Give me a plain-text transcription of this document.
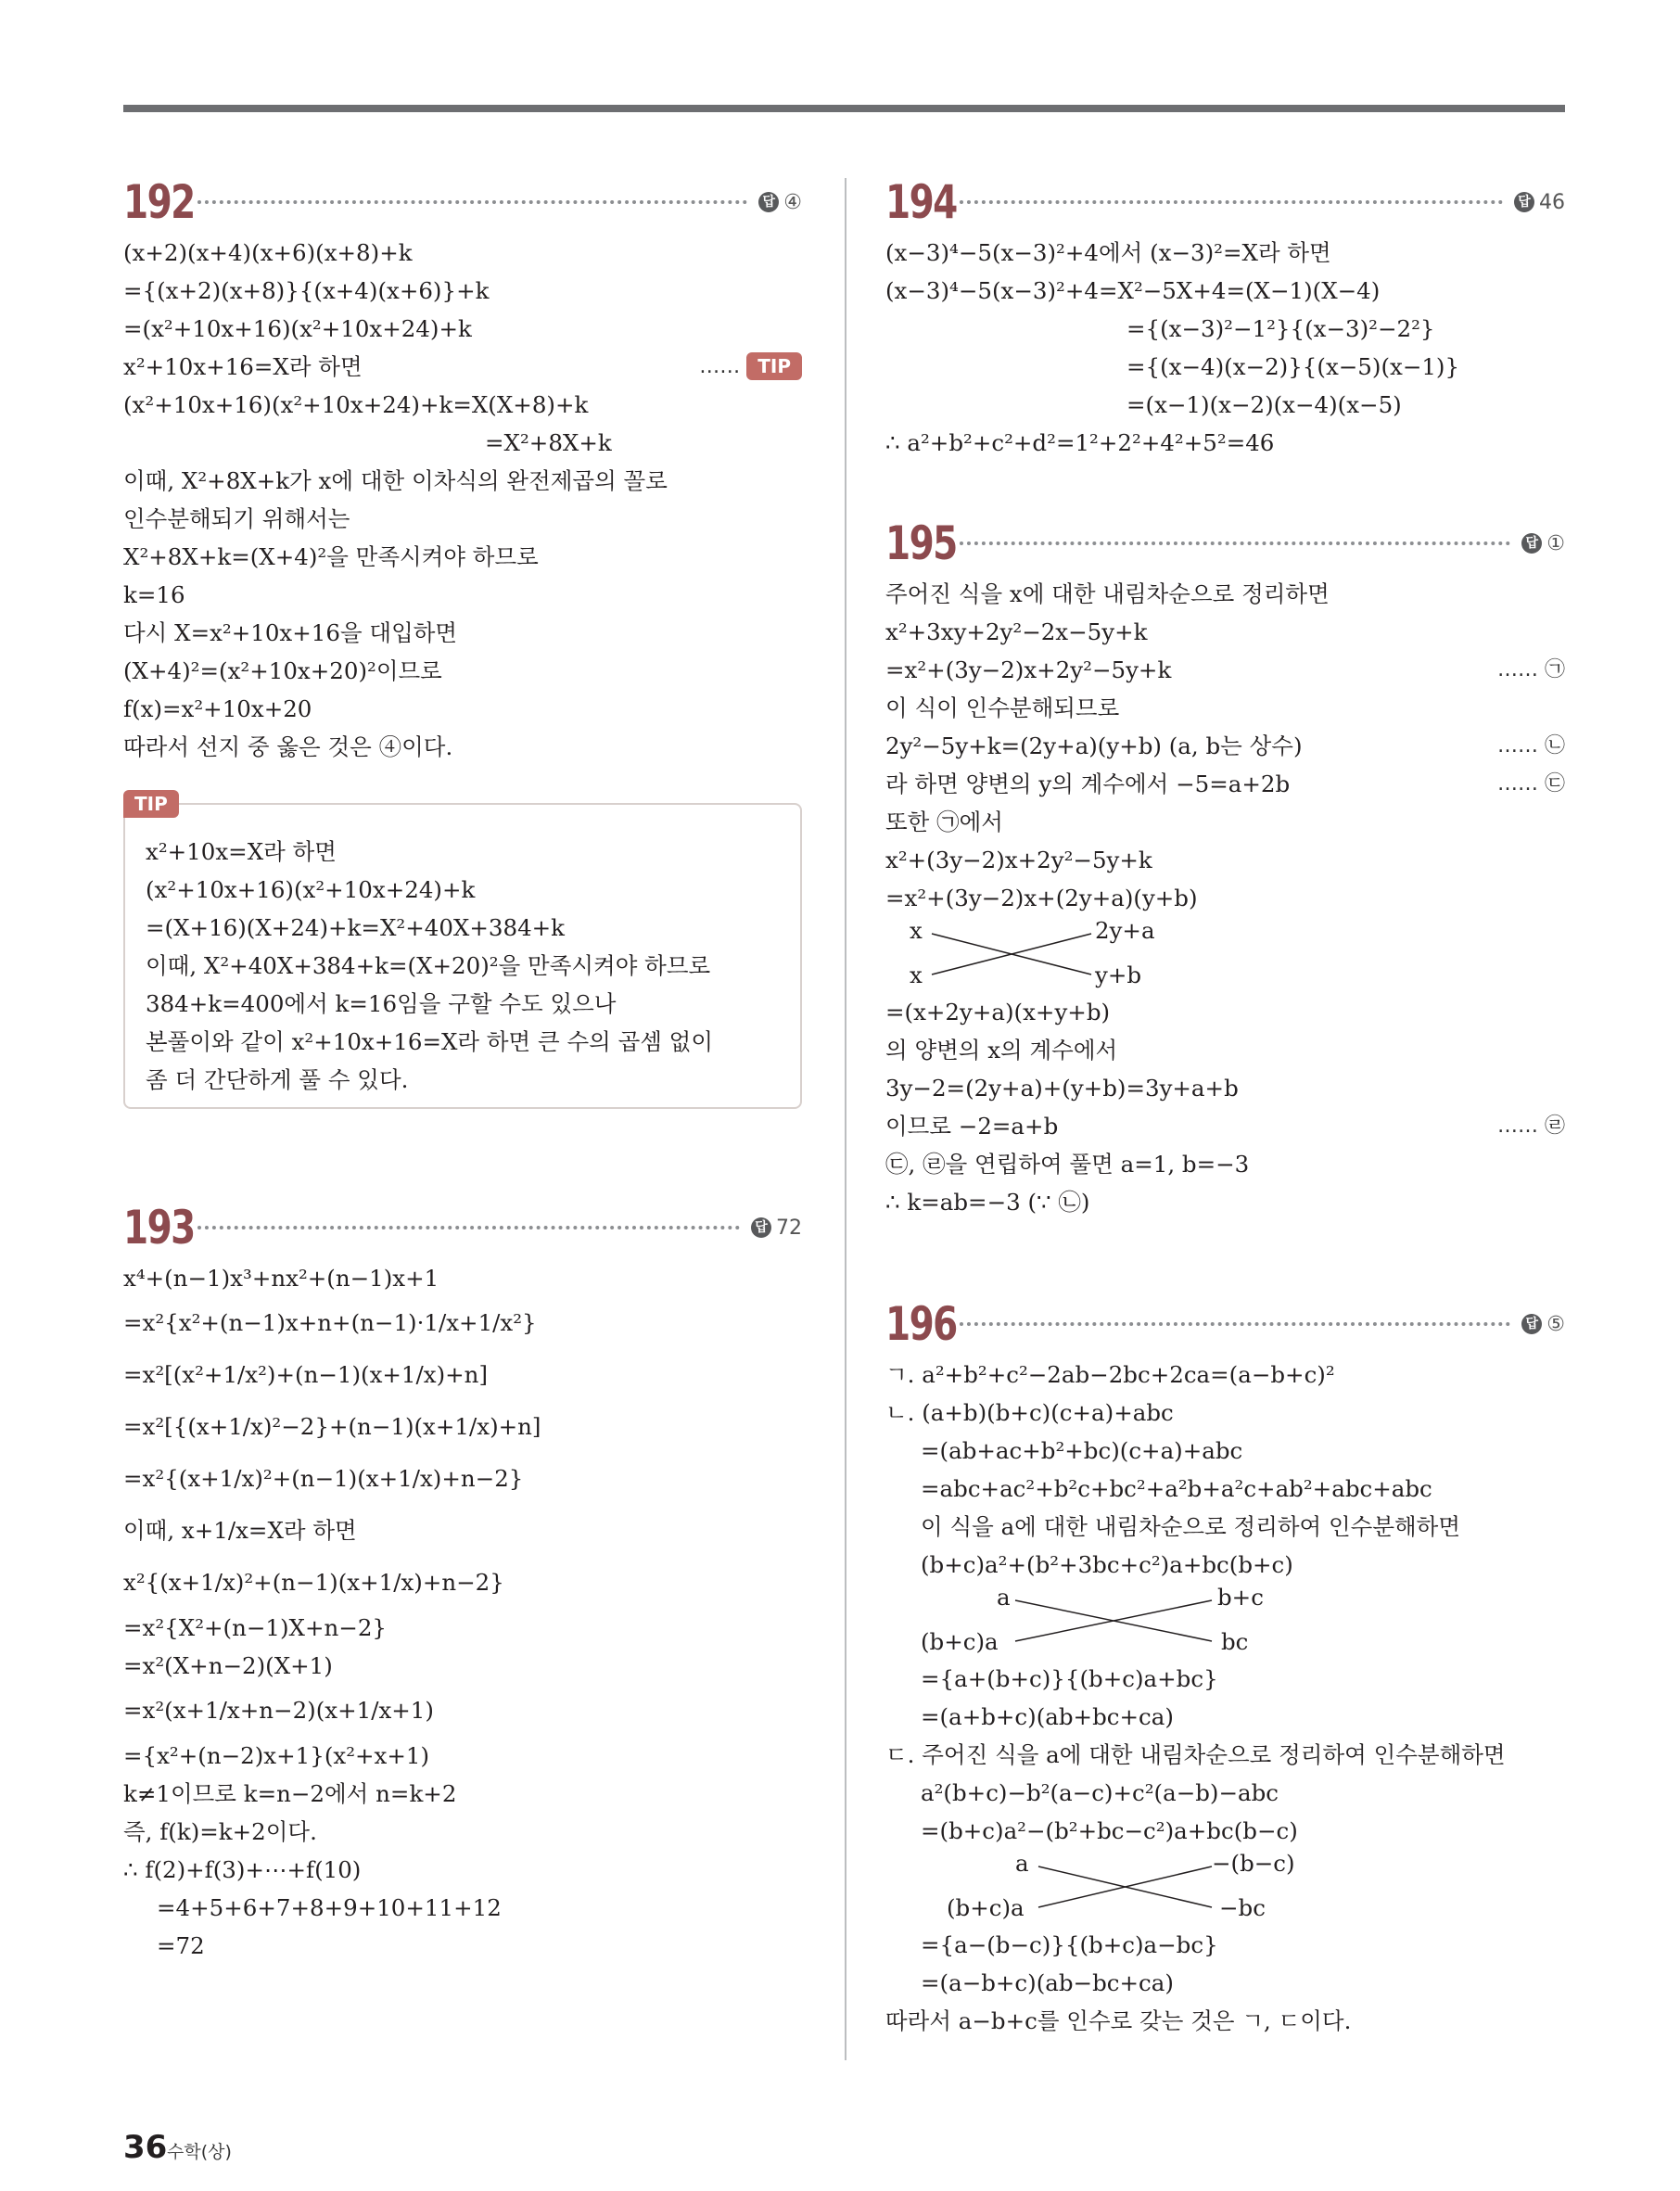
192	답 ④
(x+2)(x+4)(x+6)(x+8)+k
={(x+2)(x+8)}{(x+4)(x+6)}+k
=(x²+10x+16)(x²+10x+24)+k
x²+10x+16=X라 하면	…… TIP
(x²+10x+16)(x²+10x+24)+k=X(X+8)+k
=X²+8X+k
이때, X²+8X+k가 x에 대한 이차식의 완전제곱의 꼴로
인수분해되기 위해서는
X²+8X+k=(X+4)²을 만족시켜야 하므로
k=16
다시 X=x²+10x+16을 대입하면
(X+4)²=(x²+10x+20)²이므로
f(x)=x²+10x+20
따라서 선지 중 옳은 것은 ④이다.
TIP
x²+10x=X라 하면
(x²+10x+16)(x²+10x+24)+k
=(X+16)(X+24)+k=X²+40X+384+k
이때, X²+40X+384+k=(X+20)²을 만족시켜야 하므로
384+k=400에서 k=16임을 구할 수도 있으나
본풀이와 같이 x²+10x+16=X라 하면 큰 수의 곱셈 없이
좀 더 간단하게 풀 수 있다.
193	답 72
x⁴+(n−1)x³+nx²+(n−1)x+1
=x²{x²+(n−1)x+n+(n−1)·1/x+1/x²}
=x²[(x²+1/x²)+(n−1)(x+1/x)+n]
=x²[{(x+1/x)²−2}+(n−1)(x+1/x)+n]
=x²{(x+1/x)²+(n−1)(x+1/x)+n−2}
이때, x+1/x=X라 하면
x²{(x+1/x)²+(n−1)(x+1/x)+n−2}
=x²{X²+(n−1)X+n−2}
=x²(X+n−2)(X+1)
=x²(x+1/x+n−2)(x+1/x+1)
={x²+(n−2)x+1}(x²+x+1)
k≠1이므로 k=n−2에서 n=k+2
즉, f(k)=k+2이다.
∴ f(2)+f(3)+⋯+f(10)
=4+5+6+7+8+9+10+11+12
=72
194	답 46
(x−3)⁴−5(x−3)²+4에서 (x−3)²=X라 하면
(x−3)⁴−5(x−3)²+4=X²−5X+4=(X−1)(X−4)
={(x−3)²−1²}{(x−3)²−2²}
={(x−4)(x−2)}{(x−5)(x−1)}
=(x−1)(x−2)(x−4)(x−5)
∴ a²+b²+c²+d²=1²+2²+4²+5²=46
195	답 ①
주어진 식을 x에 대한 내림차순으로 정리하면
x²+3xy+2y²−2x−5y+k
=x²+(3y−2)x+2y²−5y+k	…… ㉠
이 식이 인수분해되므로
2y²−5y+k=(2y+a)(y+b) (a, b는 상수)	…… ㉡
라 하면 양변의 y의 계수에서 −5=a+2b	…… ㉢
또한 ㉠에서
x²+(3y−2)x+2y²−5y+k
=x²+(3y−2)x+(2y+a)(y+b)
x	2y+a
x	y+b
=(x+2y+a)(x+y+b)
의 양변의 x의 계수에서
3y−2=(2y+a)+(y+b)=3y+a+b
이므로 −2=a+b	…… ㉣
㉢, ㉣을 연립하여 풀면 a=1, b=−3
∴ k=ab=−3 (∵ ㉡)
196	답 ⑤
ㄱ. a²+b²+c²−2ab−2bc+2ca=(a−b+c)²
ㄴ. (a+b)(b+c)(c+a)+abc
=(ab+ac+b²+bc)(c+a)+abc
=abc+ac²+b²c+bc²+a²b+a²c+ab²+abc+abc
이 식을 a에 대한 내림차순으로 정리하여 인수분해하면
(b+c)a²+(b²+3bc+c²)a+bc(b+c)
a	b+c
(b+c)a	bc
={a+(b+c)}{(b+c)a+bc}
=(a+b+c)(ab+bc+ca)
ㄷ. 주어진 식을 a에 대한 내림차순으로 정리하여 인수분해하면
a²(b+c)−b²(a−c)+c²(a−b)−abc
=(b+c)a²−(b²+bc−c²)a+bc(b−c)
a	−(b−c)
(b+c)a	−bc
={a−(b−c)}{(b+c)a−bc}
=(a−b+c)(ab−bc+ca)
따라서 a−b+c를 인수로 갖는 것은 ㄱ, ㄷ이다.
36 수학(상)
